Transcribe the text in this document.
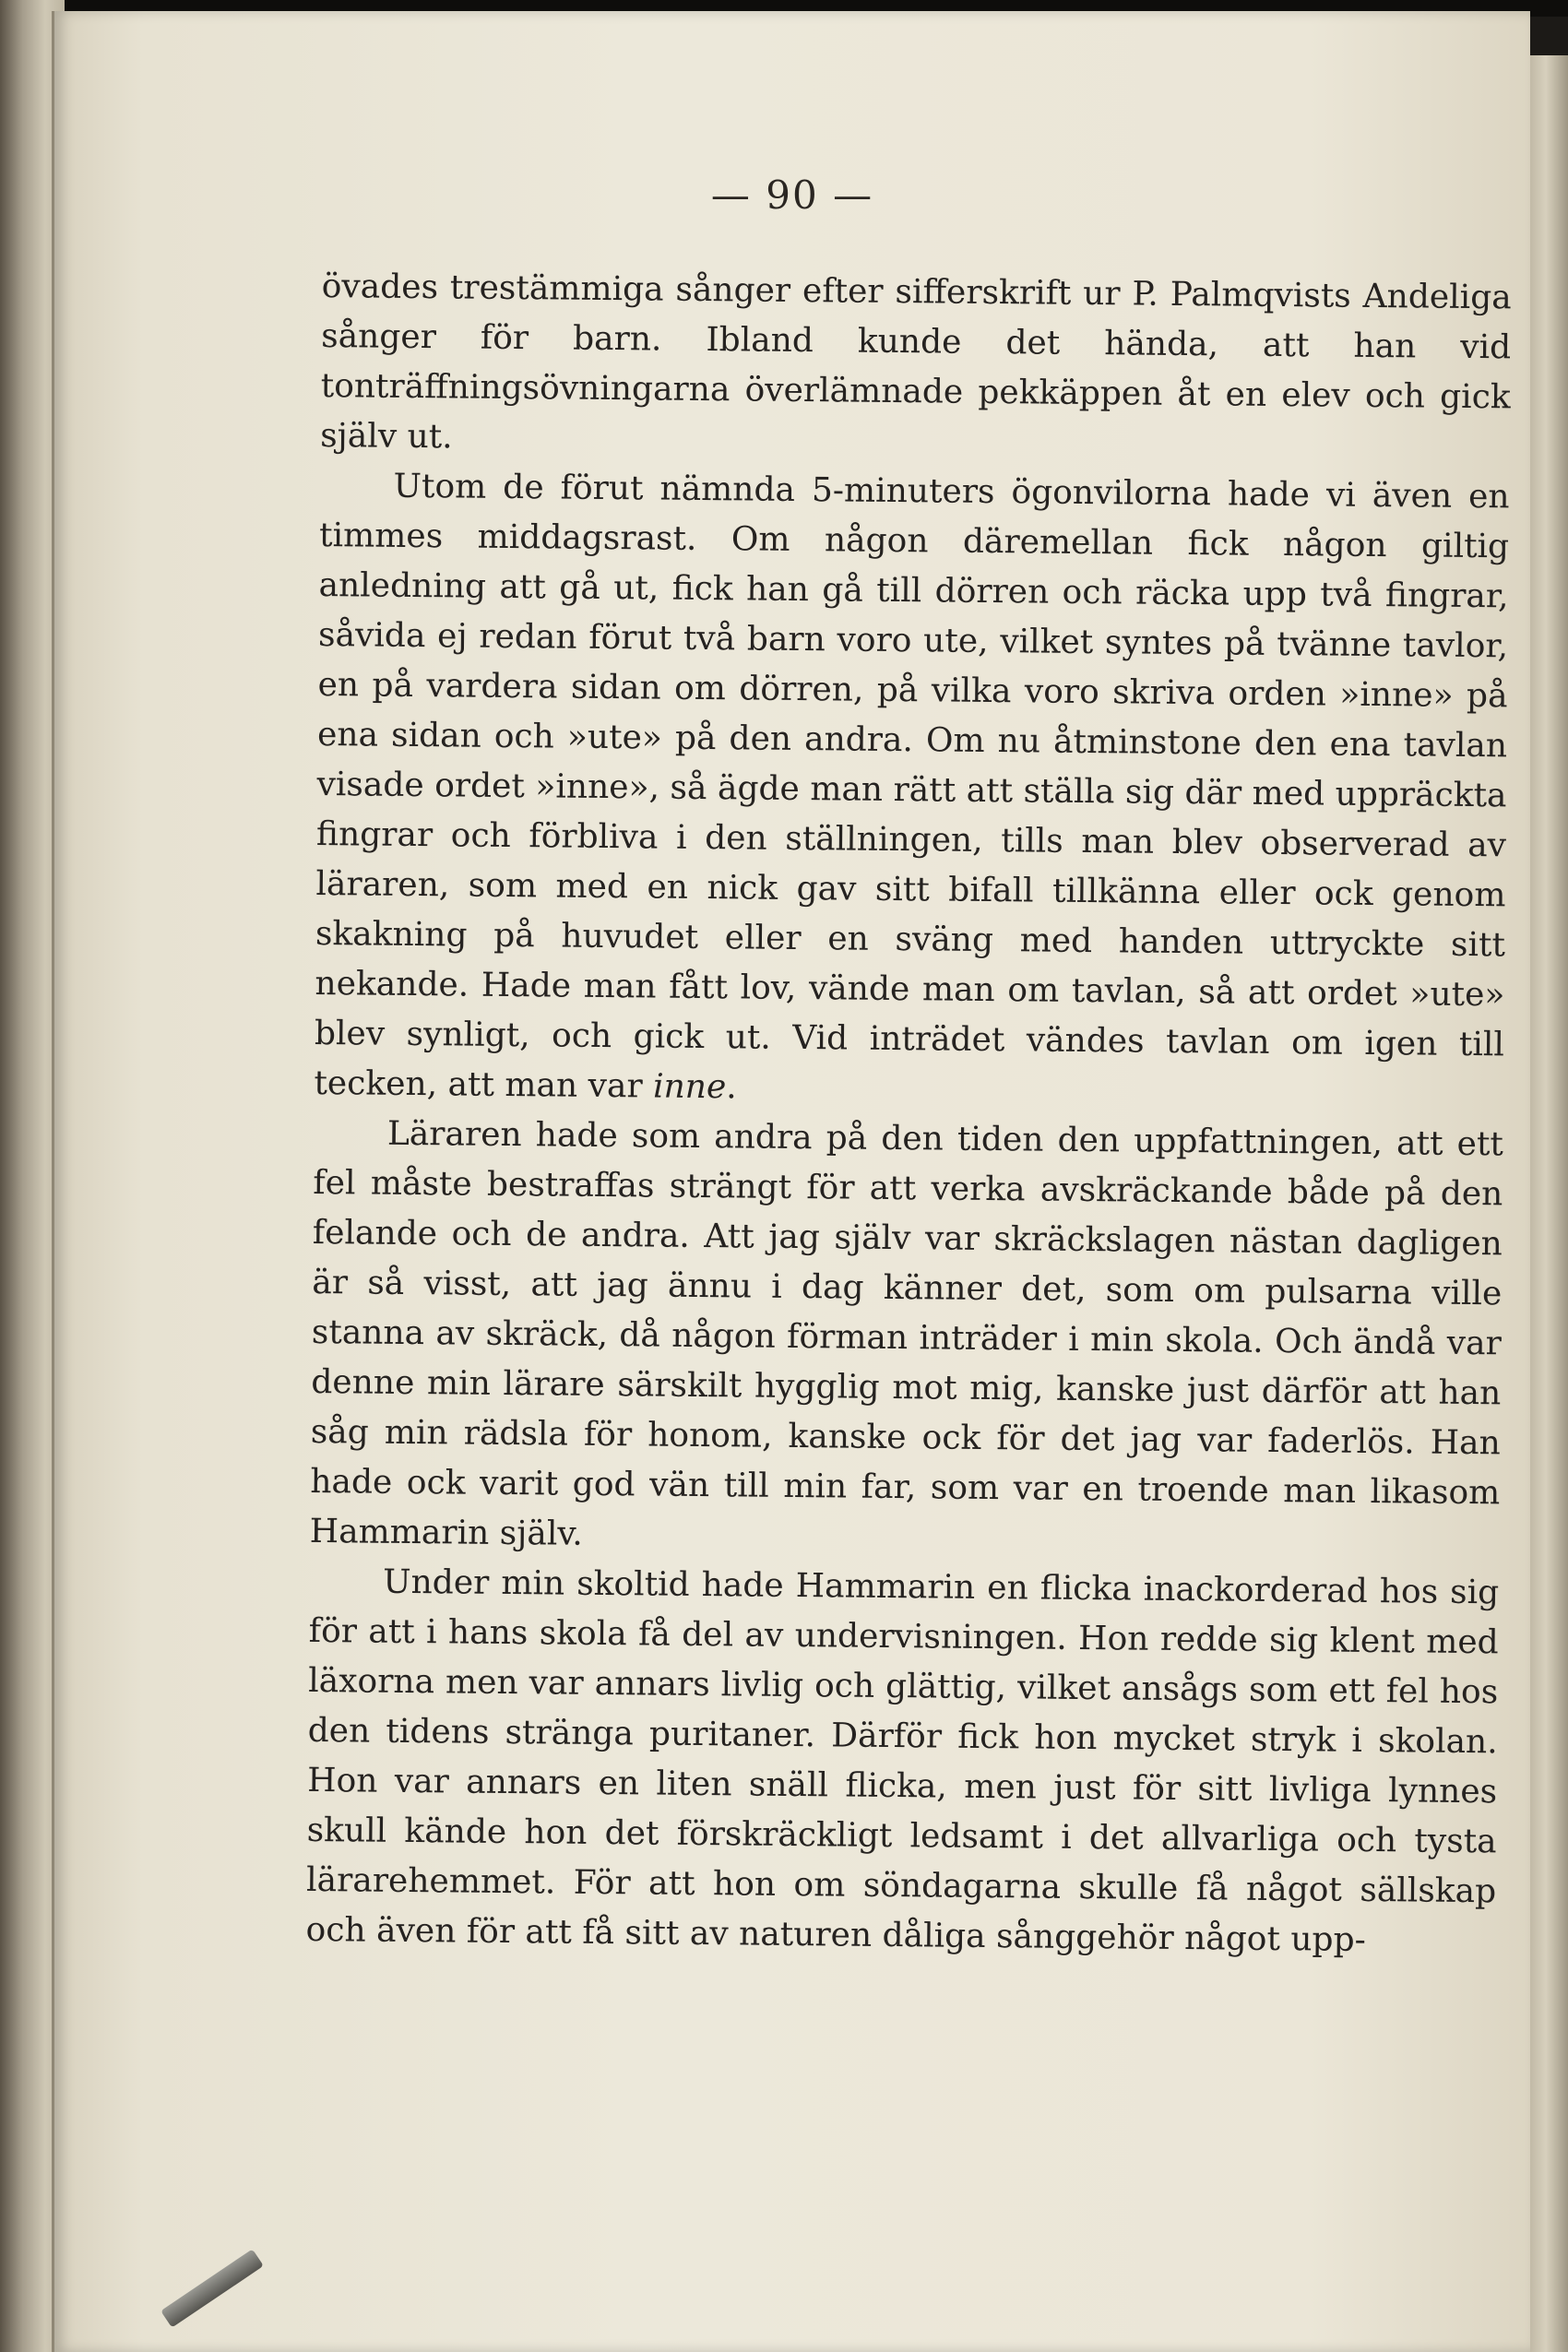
— 90 —

övades trestämmiga sånger efter sifferskrift ur P. Palmqvists Andeliga sånger för barn. Ibland kunde det hända, att han vid tonträffningsövningarna överlämnade pekkäppen åt en elev och gick själv ut.

Utom de förut nämnda 5-minuters ögonvilorna hade vi även en timmes middagsrast. Om någon däremellan fick någon giltig anledning att gå ut, fick han gå till dörren och räcka upp två fingrar, såvida ej redan förut två barn voro ute, vilket syntes på tvänne tavlor, en på vardera sidan om dörren, på vilka voro skriva orden »inne» på ena sidan och »ute» på den andra. Om nu åtminstone den ena tavlan visade ordet »inne», så ägde man rätt att ställa sig där med uppräckta fingrar och förbliva i den ställningen, tills man blev observerad av läraren, som med en nick gav sitt bifall tillkänna eller ock genom skakning på huvudet eller en sväng med handen uttryckte sitt nekande. Hade man fått lov, vände man om tavlan, så att ordet »ute» blev synligt, och gick ut. Vid inträdet vändes tavlan om igen till tecken, att man var inne.

Läraren hade som andra på den tiden den uppfattningen, att ett fel måste bestraffas strängt för att verka avskräckande både på den felande och de andra. Att jag själv var skräckslagen nästan dagligen är så visst, att jag ännu i dag känner det, som om pulsarna ville stanna av skräck, då någon förman inträder i min skola. Och ändå var denne min lärare särskilt hygglig mot mig, kanske just därför att han såg min rädsla för honom, kanske ock för det jag var faderlös. Han hade ock varit god vän till min far, som var en troende man likasom Hammarin själv.

Under min skoltid hade Hammarin en flicka inackorderad hos sig för att i hans skola få del av undervisningen. Hon redde sig klent med läxorna men var annars livlig och glättig, vilket ansågs som ett fel hos den tidens stränga puritaner. Därför fick hon mycket stryk i skolan. Hon var annars en liten snäll flicka, men just för sitt livliga lynnes skull kände hon det förskräckligt ledsamt i det allvarliga och tysta lärarehemmet. För att hon om söndagarna skulle få något sällskap och även för att få sitt av naturen dåliga sånggehör något upp-
